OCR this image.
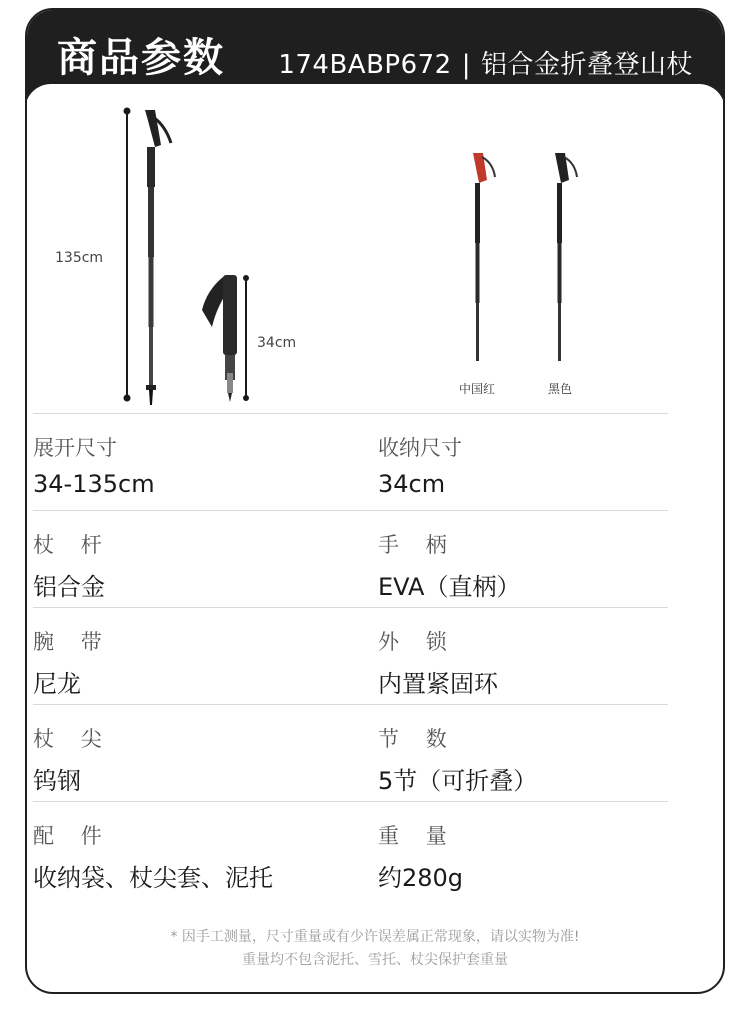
商品参数 174BABP672 | 铝合金折叠登山杖
135cm
34cm
中国红	黑色
展开尺寸
34-135cm
收纳尺寸
34cm
杖    杆
铝合金
手    柄
EVA（直柄）
腕    带
尼龙
外    锁
内置紧固环
杖    尖
钨钢
节    数
5节（可折叠）
配    件
收纳袋、杖尖套、泥托
重    量
约280g
* 因手工测量，尺寸重量或有少许误差属正常现象，请以实物为准!
重量均不包含泥托、雪托、杖尖保护套重量
